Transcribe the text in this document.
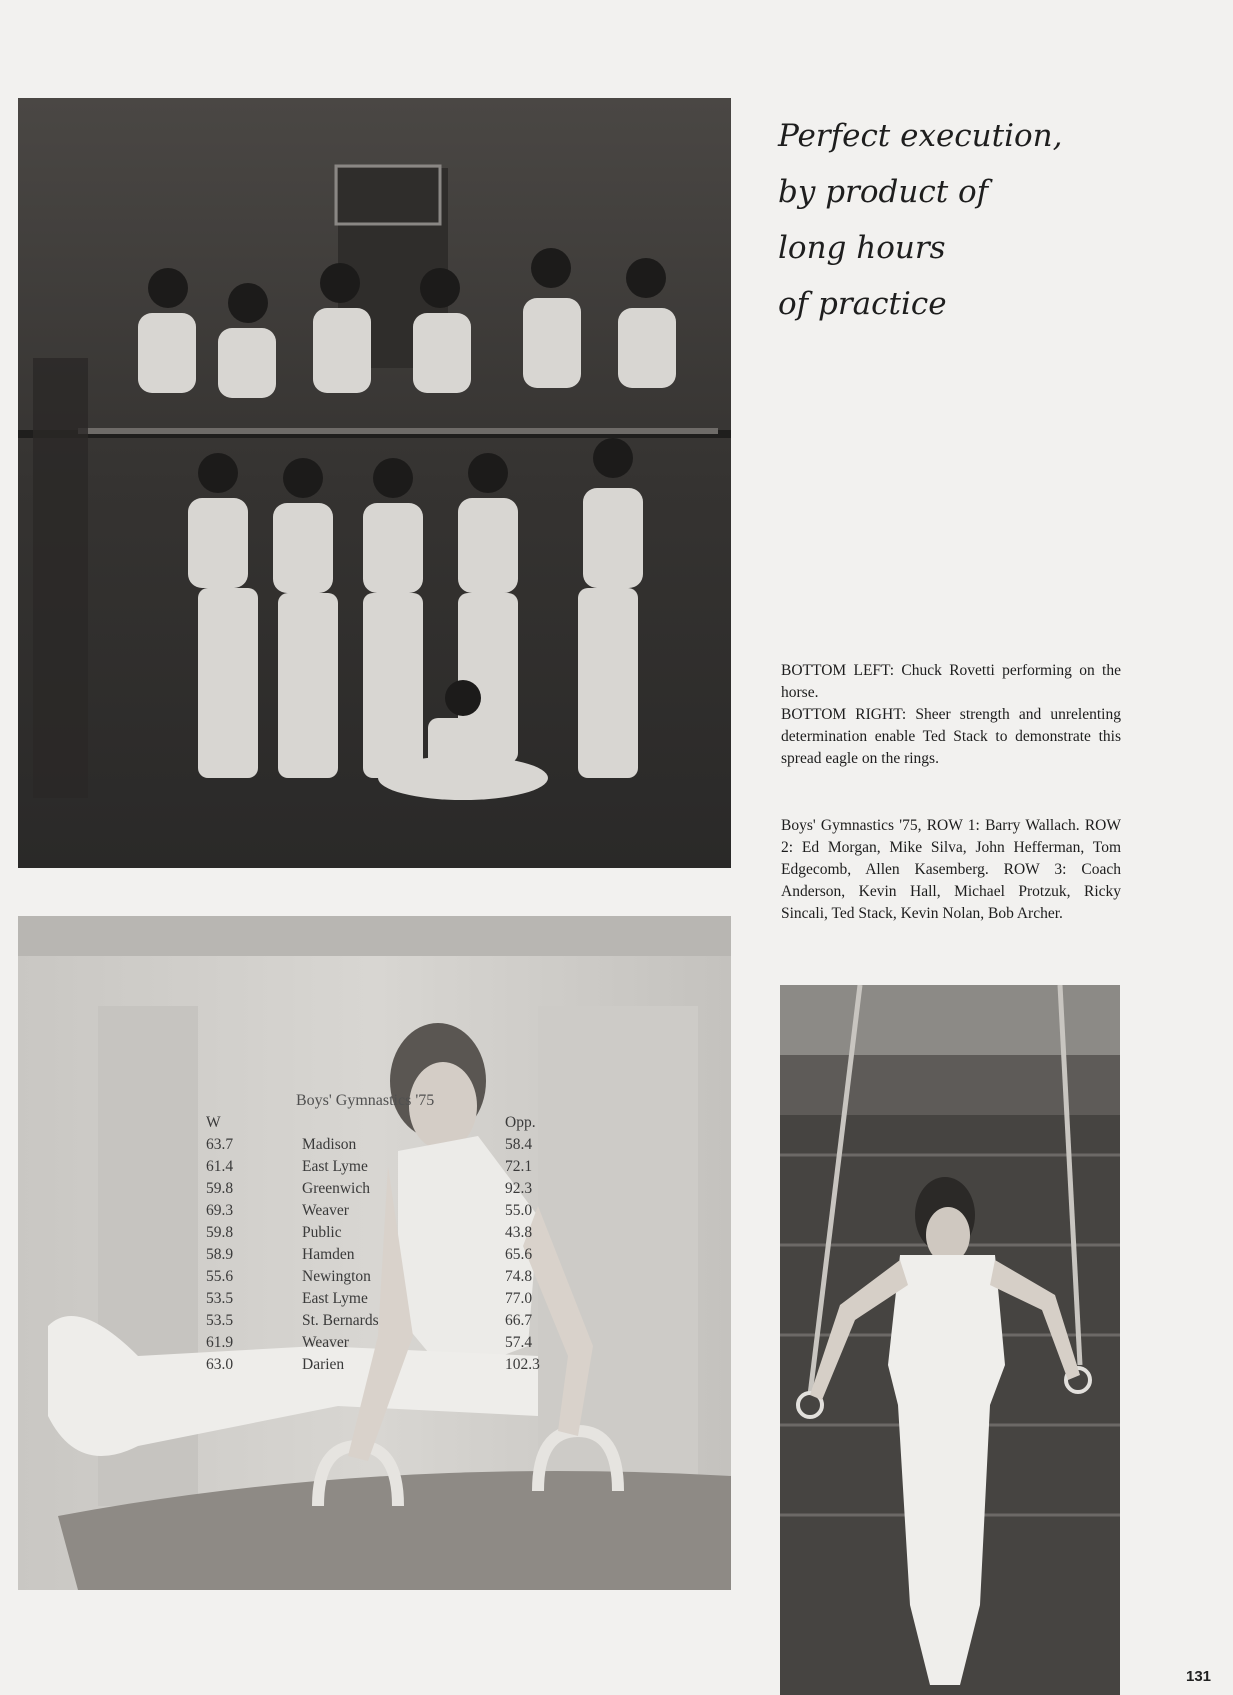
Perfect execution,
by product of
long hours
of practice
BOTTOM LEFT: Chuck Rovetti performing on the horse.
BOTTOM RIGHT: Sheer strength and unrelenting determination enable Ted Stack to demonstrate this spread eagle on the rings.
Boys' Gymnastics '75, ROW 1: Barry Wallach. ROW 2: Ed Morgan, Mike Silva, John Hefferman, Tom Edgecomb, Allen Kasemberg. ROW 3: Coach Anderson, Kevin Hall, Michael Protzuk, Ricky Sincali, Ted Stack, Kevin Nolan, Bob Archer.
Boys' Gymnastics '75
W
63.7
61.4
59.8
69.3
59.8
58.9
55.6
53.5
53.5
61.9
63.0
Madison
East Lyme
Greenwich
Weaver
Public
Hamden
Newington
East Lyme
St. Bernards
Weaver
Darien
Opp.
58.4
72.1
92.3
55.0
43.8
65.6
74.8
77.0
66.7
57.4
102.3
131
